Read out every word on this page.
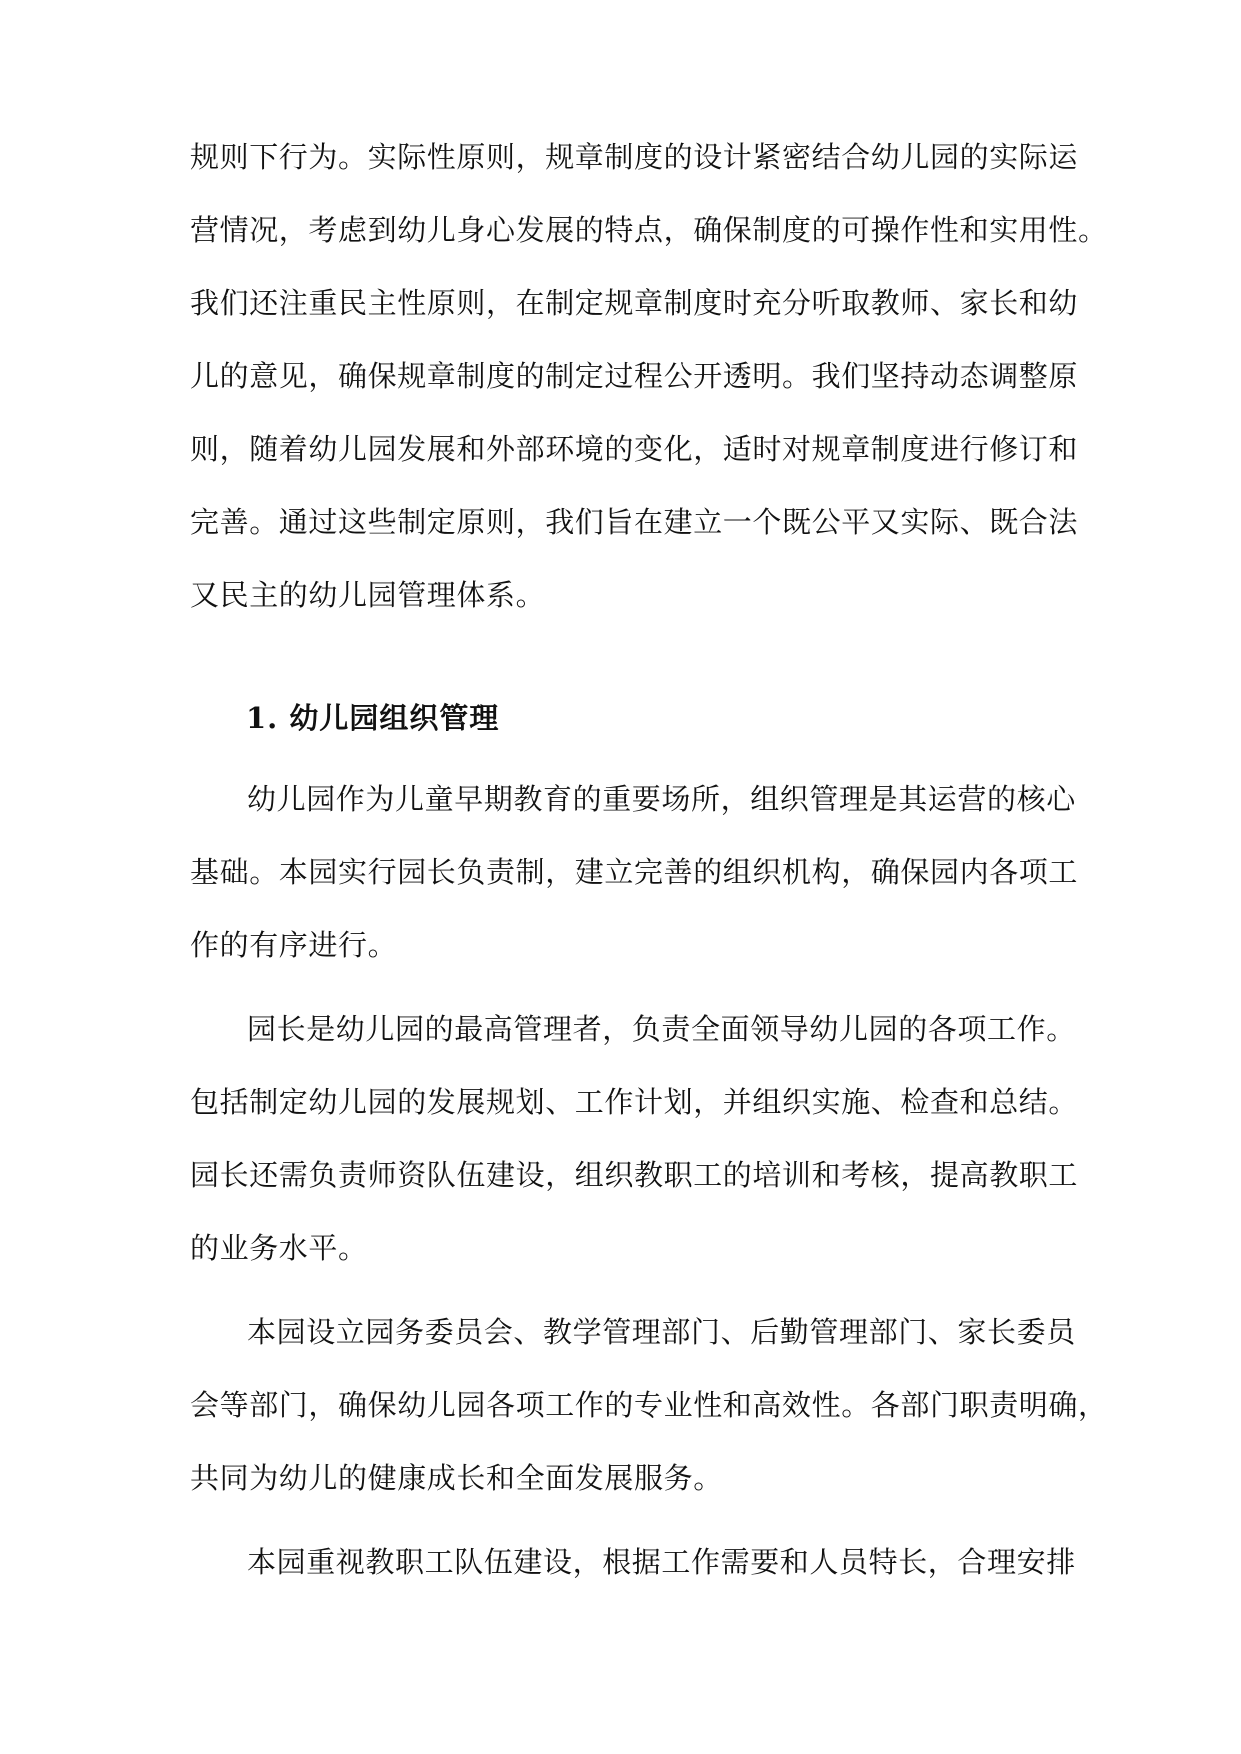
规则下行为。实际性原则，规章制度的设计紧密结合幼儿园的实际运
营情况，考虑到幼儿身心发展的特点，确保制度的可操作性和实用性。
我们还注重民主性原则，在制定规章制度时充分听取教师、家长和幼
儿的意见，确保规章制度的制定过程公开透明。我们坚持动态调整原
则，随着幼儿园发展和外部环境的变化，适时对规章制度进行修订和
完善。通过这些制定原则，我们旨在建立一个既公平又实际、既合法
又民主的幼儿园管理体系。
1. 幼儿园组织管理
幼儿园作为儿童早期教育的重要场所，组织管理是其运营的核心
基础。本园实行园长负责制，建立完善的组织机构，确保园内各项工
作的有序进行。
园长是幼儿园的最高管理者，负责全面领导幼儿园的各项工作。
包括制定幼儿园的发展规划、工作计划，并组织实施、检查和总结。
园长还需负责师资队伍建设，组织教职工的培训和考核，提高教职工
的业务水平。
本园设立园务委员会、教学管理部门、后勤管理部门、家长委员
会等部门，确保幼儿园各项工作的专业性和高效性。各部门职责明确，
共同为幼儿的健康成长和全面发展服务。
本园重视教职工队伍建设，根据工作需要和人员特长，合理安排
